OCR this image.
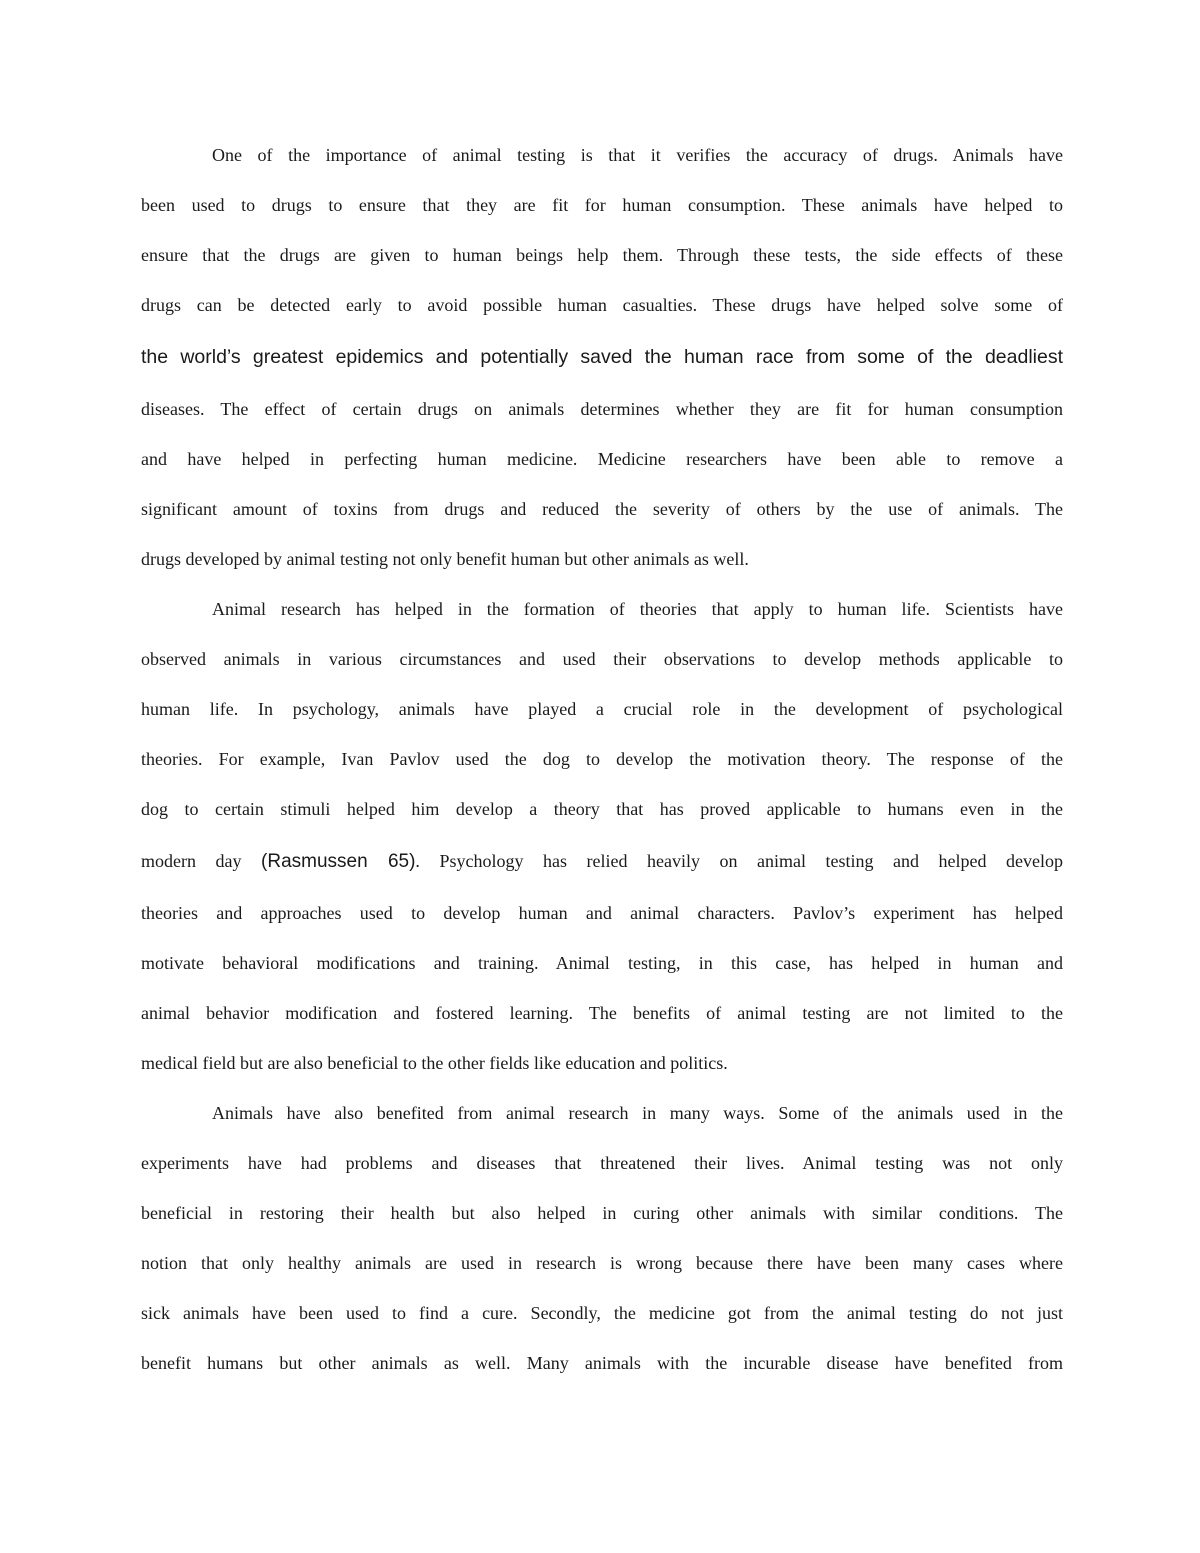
One of the importance of animal testing is that it verifies the accuracy of drugs. Animals have
been used to drugs to ensure that they are fit for human consumption. These animals have helped to
ensure that the drugs are given to human beings help them. Through these tests, the side effects of these
drugs can be detected early to avoid possible human casualties. These drugs have helped solve some of
the world’s greatest epidemics and potentially saved the human race from some of the deadliest
diseases. The effect of certain drugs on animals determines whether they are fit for human consumption
and have helped in perfecting human medicine. Medicine researchers have been able to remove a
significant amount of toxins from drugs and reduced the severity of others by the use of animals. The
drugs developed by animal testing not only benefit human but other animals as well.
Animal research has helped in the formation of theories that apply to human life. Scientists have
observed animals in various circumstances and used their observations to develop methods applicable to
human life. In psychology, animals have played a crucial role in the development of psychological
theories. For example, Ivan Pavlov used the dog to develop the motivation theory. The response of the
dog to certain stimuli helped him develop a theory that has proved applicable to humans even in the
modern day (Rasmussen 65). Psychology has relied heavily on animal testing and helped develop
theories and approaches used to develop human and animal characters. Pavlov’s experiment has helped
motivate behavioral modifications and training. Animal testing, in this case, has helped in human and
animal behavior modification and fostered learning. The benefits of animal testing are not limited to the
medical field but are also beneficial to the other fields like education and politics.
Animals have also benefited from animal research in many ways. Some of the animals used in the
experiments have had problems and diseases that threatened their lives. Animal testing was not only
beneficial in restoring their health but also helped in curing other animals with similar conditions. The
notion that only healthy animals are used in research is wrong because there have been many cases where
sick animals have been used to find a cure. Secondly, the medicine got from the animal testing do not just
benefit humans but other animals as well. Many animals with the incurable disease have benefited from
